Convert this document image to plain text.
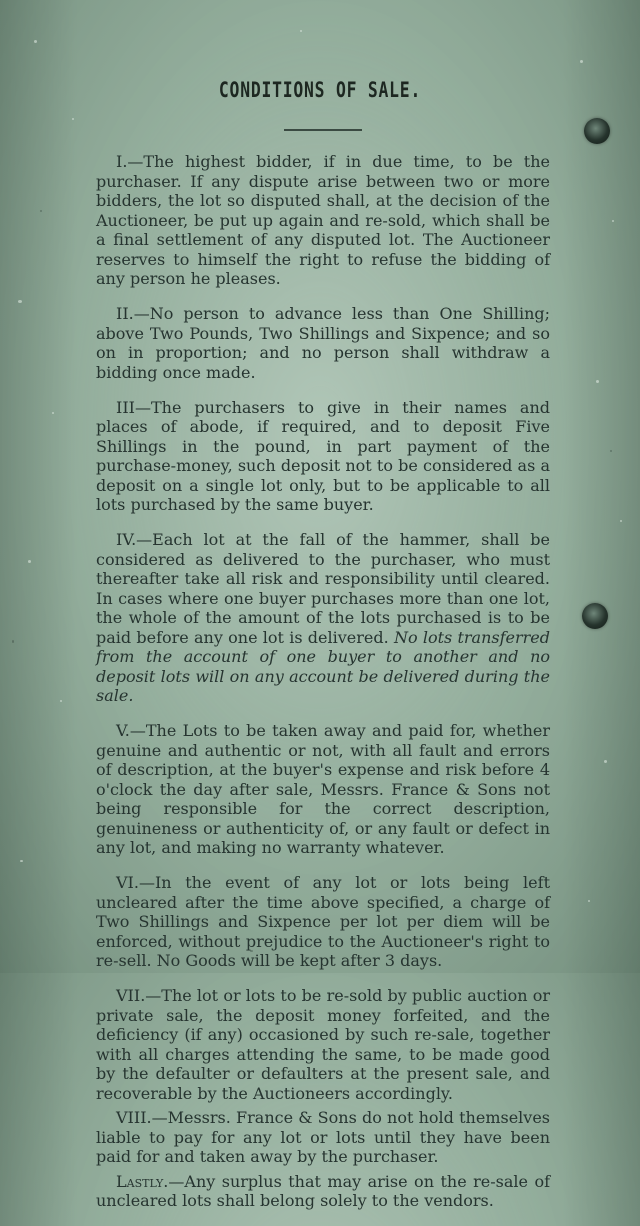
CONDITIONS OF SALE.

I.—The highest bidder, if in due time, to be the purchaser. If any dispute arise between two or more bidders, the lot so disputed shall, at the decision of the Auctioneer, be put up again and re-sold, which shall be a final settlement of any disputed lot. The Auctioneer reserves to himself the right to refuse the bidding of any person he pleases.

II.—No person to advance less than One Shilling; above Two Pounds, Two Shillings and Sixpence; and so on in proportion; and no person shall withdraw a bidding once made.

III—The purchasers to give in their names and places of abode, if required, and to deposit Five Shillings in the pound, in part payment of the purchase-money, such deposit not to be considered as a deposit on a single lot only, but to be applicable to all lots purchased by the same buyer.

IV.—Each lot at the fall of the hammer, shall be considered as delivered to the purchaser, who must thereafter take all risk and responsibility until cleared. In cases where one buyer purchases more than one lot, the whole of the amount of the lots purchased is to be paid before any one lot is delivered. No lots transferred from the account of one buyer to another and no deposit lots will on any account be delivered during the sale.

V.—The Lots to be taken away and paid for, whether genuine and authentic or not, with all fault and errors of description, at the buyer's expense and risk before 4 o'clock the day after sale, Messrs. France & Sons not being responsible for the correct description, genuineness or authenticity of, or any fault or defect in any lot, and making no warranty whatever.

VI.—In the event of any lot or lots being left uncleared after the time above specified, a charge of Two Shillings and Sixpence per lot per diem will be enforced, without prejudice to the Auctioneer's right to re-sell. No Goods will be kept after 3 days.

VII.—The lot or lots to be re-sold by public auction or private sale, the deposit money forfeited, and the deficiency (if any) occasioned by such re-sale, together with all charges attending the same, to be made good by the defaulter or defaulters at the present sale, and recoverable by the Auctioneers accordingly.

VIII.—Messrs. France & Sons do not hold themselves liable to pay for any lot or lots until they have been paid for and taken away by the purchaser.

Lastly.—Any surplus that may arise on the re-sale of uncleared lots shall belong solely to the vendors.
